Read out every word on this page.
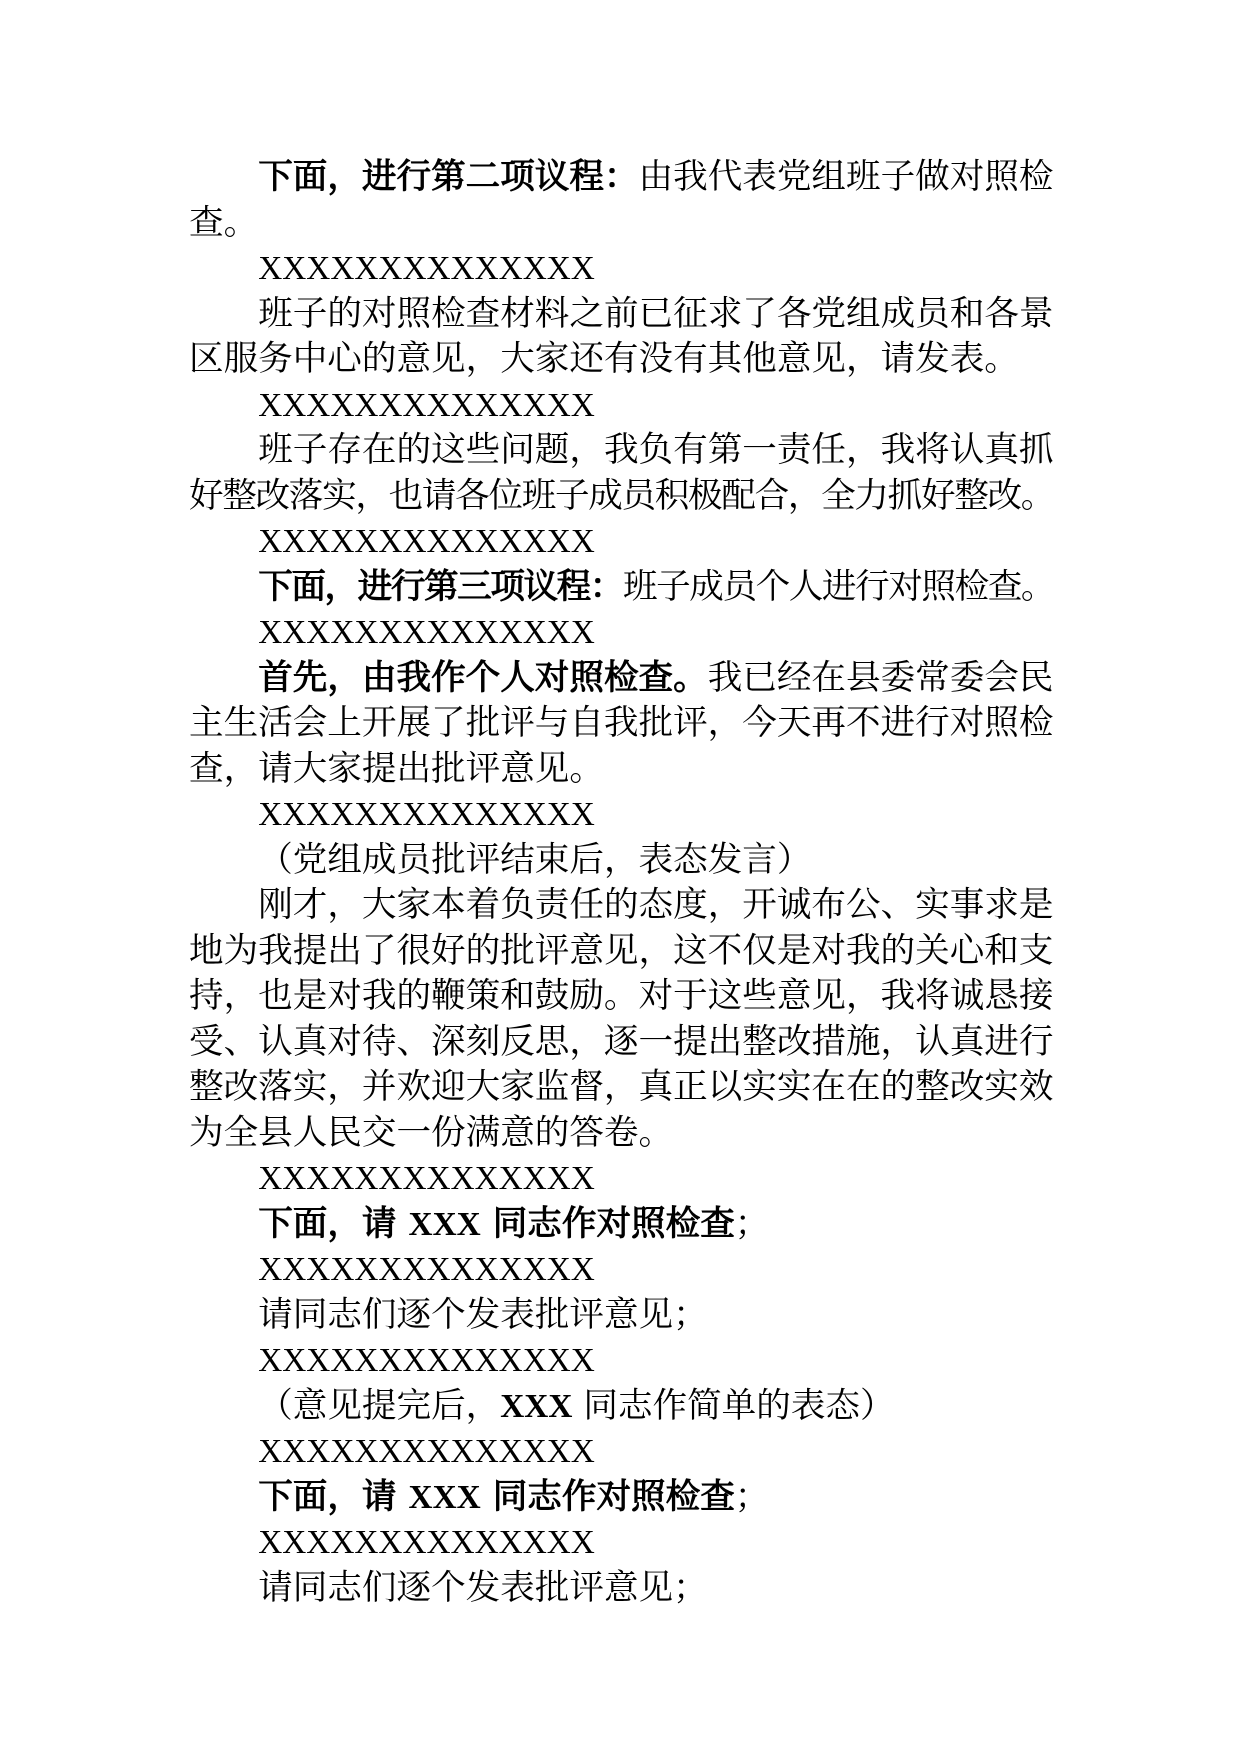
下面，进行第二项议程：由我代表党组班子做对照检
查。
XXXXXXXXXXXXXX
班子的对照检查材料之前已征求了各党组成员和各景
区服务中心的意见，大家还有没有其他意见，请发表。
XXXXXXXXXXXXXX
班子存在的这些问题，我负有第一责任，我将认真抓
好整改落实，也请各位班子成员积极配合，全力抓好整改。
XXXXXXXXXXXXXX
下面，进行第三项议程：班子成员个人进行对照检查。
XXXXXXXXXXXXXX
首先，由我作个人对照检查。我已经在县委常委会民
主生活会上开展了批评与自我批评，今天再不进行对照检
查，请大家提出批评意见。
XXXXXXXXXXXXXX
（党组成员批评结束后，表态发言）
刚才，大家本着负责任的态度，开诚布公、实事求是
地为我提出了很好的批评意见，这不仅是对我的关心和支
持，也是对我的鞭策和鼓励。对于这些意见，我将诚恳接
受、认真对待、深刻反思，逐一提出整改措施，认真进行
整改落实，并欢迎大家监督，真正以实实在在的整改实效
为全县人民交一份满意的答卷。
XXXXXXXXXXXXXX
下面，请 XXX 同志作对照检查；
XXXXXXXXXXXXXX
请同志们逐个发表批评意见；
XXXXXXXXXXXXXX
（意见提完后，XXX 同志作简单的表态）
XXXXXXXXXXXXXX
下面，请 XXX 同志作对照检查；
XXXXXXXXXXXXXX
请同志们逐个发表批评意见；
